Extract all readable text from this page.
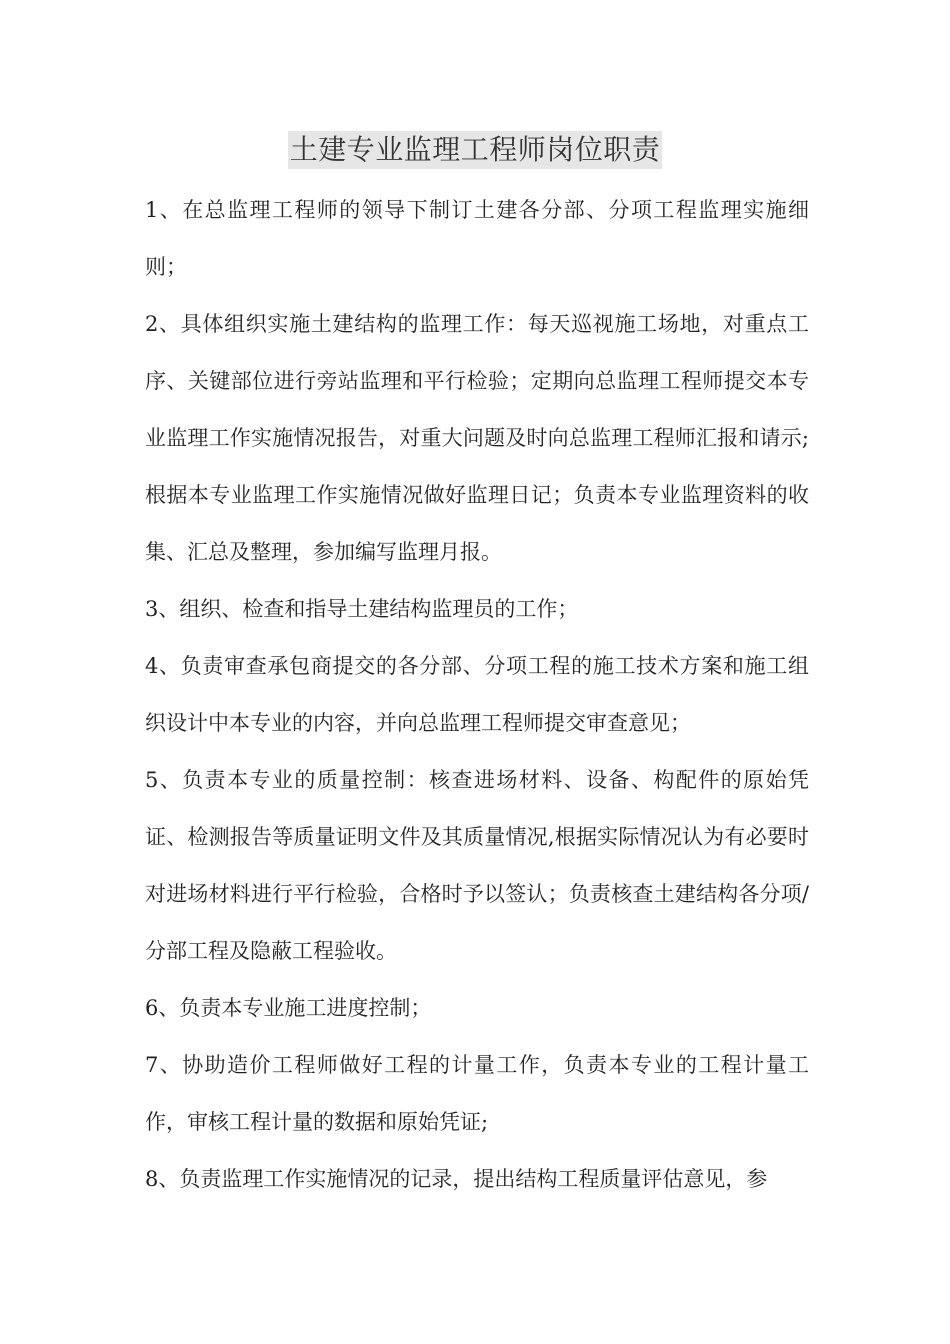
土建专业监理工程师岗位职责

1、在总监理工程师的领导下制订土建各分部、分项工程监理实施细则；

2、具体组织实施土建结构的监理工作：每天巡视施工场地，对重点工序、关键部位进行旁站监理和平行检验；定期向总监理工程师提交本专业监理工作实施情况报告，对重大问题及时向总监理工程师汇报和请示;根据本专业监理工作实施情况做好监理日记；负责本专业监理资料的收集、汇总及整理，参加编写监理月报。

3、组织、检查和指导土建结构监理员的工作；

4、负责审查承包商提交的各分部、分项工程的施工技术方案和施工组织设计中本专业的内容，并向总监理工程师提交审查意见；

5、负责本专业的质量控制：核查进场材料、设备、构配件的原始凭证、检测报告等质量证明文件及其质量情况,根据实际情况认为有必要时对进场材料进行平行检验，合格时予以签认；负责核查土建结构各分项/分部工程及隐蔽工程验收。

6、负责本专业施工进度控制；

7、协助造价工程师做好工程的计量工作，负责本专业的工程计量工作，审核工程计量的数据和原始凭证;

8、负责监理工作实施情况的记录，提出结构工程质量评估意见，参
